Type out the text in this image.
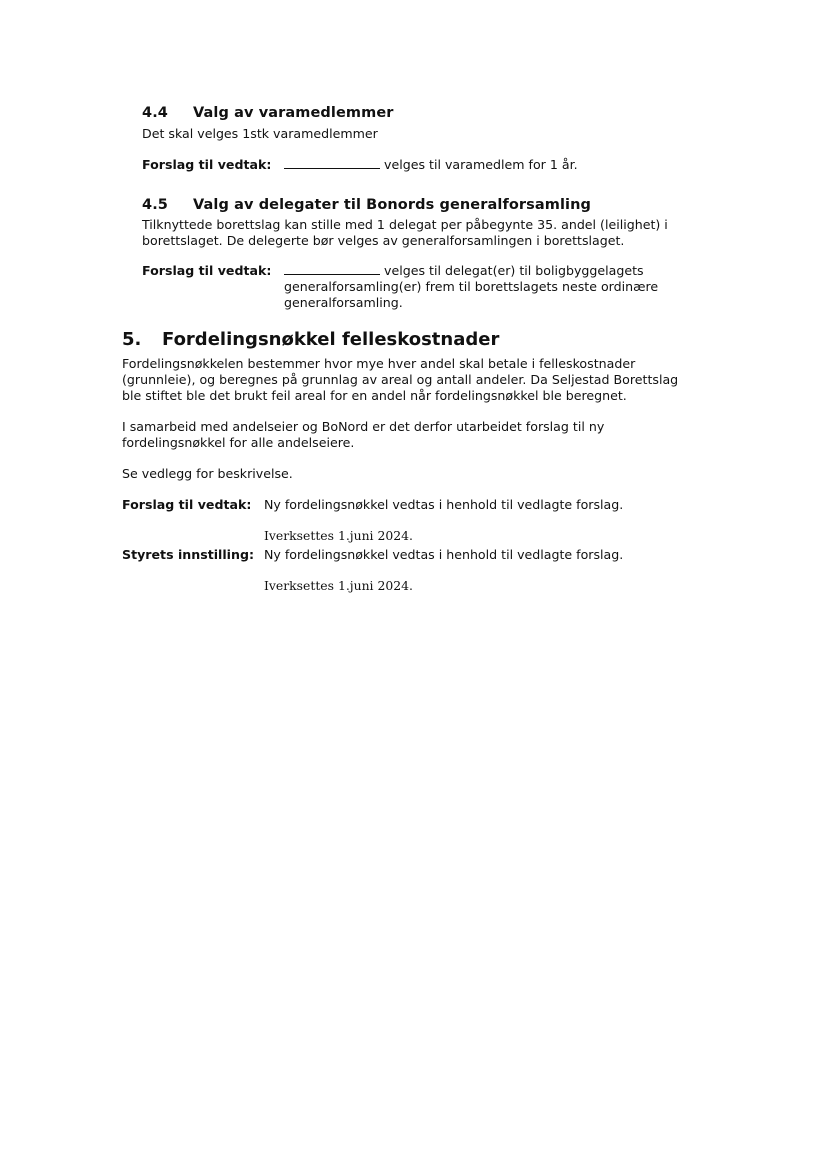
4.4 Valg av varamedlemmer
Det skal velges 1stk varamedlemmer
Forslag til vedtak:	velges til varamedlem for 1 år.
4.5 Valg av delegater til Bonords generalforsamling
Tilknyttede borettslag kan stille med 1 delegat per påbegynte 35. andel (leilighet) i
borettslaget. De delegerte bør velges av generalforsamlingen i borettslaget.
Forslag til vedtak:	velges til delegat(er) til boligbyggelagets
generalforsamling(er) frem til borettslagets neste ordinære
generalforsamling.
5. Fordelingsnøkkel felleskostnader
Fordelingsnøkkelen bestemmer hvor mye hver andel skal betale i felleskostnader
(grunnleie), og beregnes på grunnlag av areal og antall andeler. Da Seljestad Borettslag
ble stiftet ble det brukt feil areal for en andel når fordelingsnøkkel ble beregnet.
I samarbeid med andelseier og BoNord er det derfor utarbeidet forslag til ny
fordelingsnøkkel for alle andelseiere.
Se vedlegg for beskrivelse.
Forslag til vedtak: Ny fordelingsnøkkel vedtas i henhold til vedlagte forslag.
Iverksettes 1.juni 2024.
Styrets innstilling: Ny fordelingsnøkkel vedtas i henhold til vedlagte forslag.
Iverksettes 1.juni 2024.
